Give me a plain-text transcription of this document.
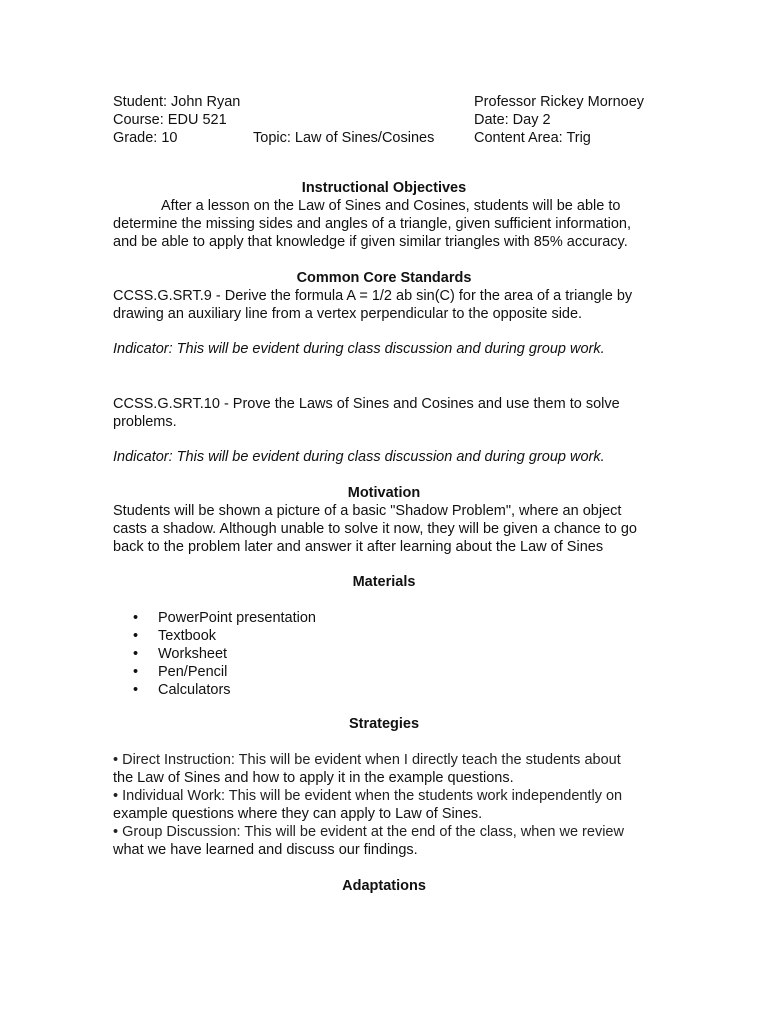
Student: John Ryan	Professor Rickey Mornoey
Course: EDU 521	Date: Day 2
Grade: 10	Topic: Law of Sines/Cosines	Content Area: Trig
Instructional Objectives

After a lesson on the Law of Sines and Cosines, students will be able to determine the missing sides and angles of a triangle, given sufficient information, and be able to apply that knowledge if given similar triangles with 85% accuracy.

Common Core Standards

CCSS.G.SRT.9 - Derive the formula A = 1/2 ab sin(C) for the area of a triangle by drawing an auxiliary line from a vertex perpendicular to the opposite side.

Indicator: This will be evident during class discussion and during group work.

CCSS.G.SRT.10 - Prove the Laws of Sines and Cosines and use them to solve problems.

Indicator: This will be evident during class discussion and during group work.

Motivation

Students will be shown a picture of a basic "Shadow Problem", where an object casts a shadow. Although unable to solve it now, they will be given a chance to go back to the problem later and answer it after learning about the Law of Sines

Materials
• PowerPoint presentation
• Textbook
• Worksheet
• Pen/Pencil
• Calculators
Strategies

• Direct Instruction: This will be evident when I directly teach the students about
the Law of Sines and how to apply it in the example questions.

• Individual Work: This will be evident when the students work independently on
example questions where they can apply to Law of Sines.

• Group Discussion: This will be evident at the end of the class, when we review
what we have learned and discuss our findings.

Adaptations
